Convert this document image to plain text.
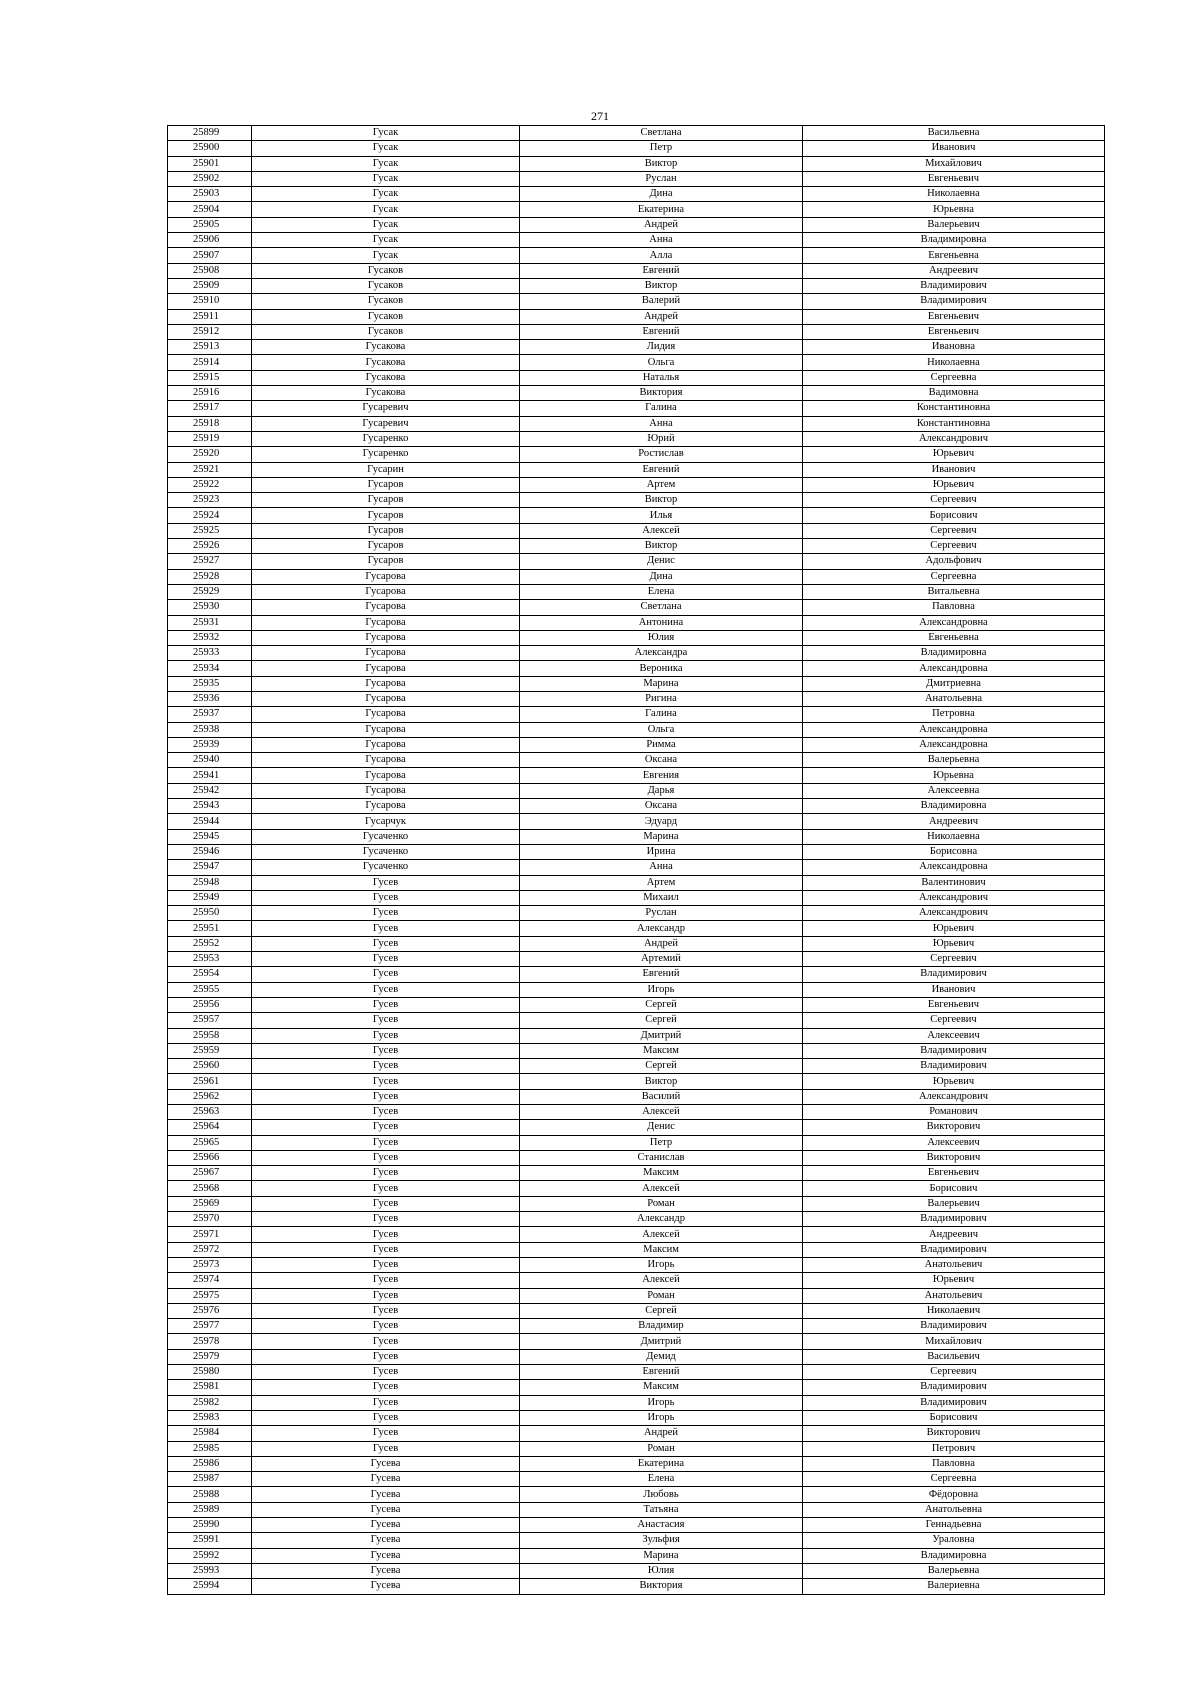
271
25899	Гусак	Светлана	Васильевна
25900	Гусак	Петр	Иванович
25901	Гусак	Виктор	Михайлович
25902	Гусак	Руслан	Евгеньевич
25903	Гусак	Дина	Николаевна
25904	Гусак	Екатерина	Юрьевна
25905	Гусак	Андрей	Валерьевич
25906	Гусак	Анна	Владимировна
25907	Гусак	Алла	Евгеньевна
25908	Гусаков	Евгений	Андреевич
25909	Гусаков	Виктор	Владимирович
25910	Гусаков	Валерий	Владимирович
25911	Гусаков	Андрей	Евгеньевич
25912	Гусаков	Евгений	Евгеньевич
25913	Гусакова	Лидия	Ивановна
25914	Гусакова	Ольга	Николаевна
25915	Гусакова	Наталья	Сергеевна
25916	Гусакова	Виктория	Вадимовна
25917	Гусаревич	Галина	Константиновна
25918	Гусаревич	Анна	Константиновна
25919	Гусаренко	Юрий	Александрович
25920	Гусаренко	Ростислав	Юрьевич
25921	Гусарин	Евгений	Иванович
25922	Гусаров	Артем	Юрьевич
25923	Гусаров	Виктор	Сергеевич
25924	Гусаров	Илья	Борисович
25925	Гусаров	Алексей	Сергеевич
25926	Гусаров	Виктор	Сергеевич
25927	Гусаров	Денис	Адольфович
25928	Гусарова	Дина	Сергеевна
25929	Гусарова	Елена	Витальевна
25930	Гусарова	Светлана	Павловна
25931	Гусарова	Антонина	Александровна
25932	Гусарова	Юлия	Евгеньевна
25933	Гусарова	Александра	Владимировна
25934	Гусарова	Вероника	Александровна
25935	Гусарова	Марина	Дмитриевна
25936	Гусарова	Ригина	Анатольевна
25937	Гусарова	Галина	Петровна
25938	Гусарова	Ольга	Александровна
25939	Гусарова	Римма	Александровна
25940	Гусарова	Оксана	Валерьевна
25941	Гусарова	Евгения	Юрьевна
25942	Гусарова	Дарья	Алексеевна
25943	Гусарова	Оксана	Владимировна
25944	Гусарчук	Эдуард	Андреевич
25945	Гусаченко	Марина	Николаевна
25946	Гусаченко	Ирина	Борисовна
25947	Гусаченко	Анна	Александровна
25948	Гусев	Артем	Валентинович
25949	Гусев	Михаил	Александрович
25950	Гусев	Руслан	Александрович
25951	Гусев	Александр	Юрьевич
25952	Гусев	Андрей	Юрьевич
25953	Гусев	Артемий	Сергеевич
25954	Гусев	Евгений	Владимирович
25955	Гусев	Игорь	Иванович
25956	Гусев	Сергей	Евгеньевич
25957	Гусев	Сергей	Сергеевич
25958	Гусев	Дмитрий	Алексеевич
25959	Гусев	Максим	Владимирович
25960	Гусев	Сергей	Владимирович
25961	Гусев	Виктор	Юрьевич
25962	Гусев	Василий	Александрович
25963	Гусев	Алексей	Романович
25964	Гусев	Денис	Викторович
25965	Гусев	Петр	Алексеевич
25966	Гусев	Станислав	Викторович
25967	Гусев	Максим	Евгеньевич
25968	Гусев	Алексей	Борисович
25969	Гусев	Роман	Валерьевич
25970	Гусев	Александр	Владимирович
25971	Гусев	Алексей	Андреевич
25972	Гусев	Максим	Владимирович
25973	Гусев	Игорь	Анатольевич
25974	Гусев	Алексей	Юрьевич
25975	Гусев	Роман	Анатольевич
25976	Гусев	Сергей	Николаевич
25977	Гусев	Владимир	Владимирович
25978	Гусев	Дмитрий	Михайлович
25979	Гусев	Демид	Васильевич
25980	Гусев	Евгений	Сергеевич
25981	Гусев	Максим	Владимирович
25982	Гусев	Игорь	Владимирович
25983	Гусев	Игорь	Борисович
25984	Гусев	Андрей	Викторович
25985	Гусев	Роман	Петрович
25986	Гусева	Екатерина	Павловна
25987	Гусева	Елена	Сергеевна
25988	Гусева	Любовь	Фёдоровна
25989	Гусева	Татьяна	Анатольевна
25990	Гусева	Анастасия	Геннадьевна
25991	Гусева	Зульфия	Ураловна
25992	Гусева	Марина	Владимировна
25993	Гусева	Юлия	Валерьевна
25994	Гусева	Виктория	Валериевна
